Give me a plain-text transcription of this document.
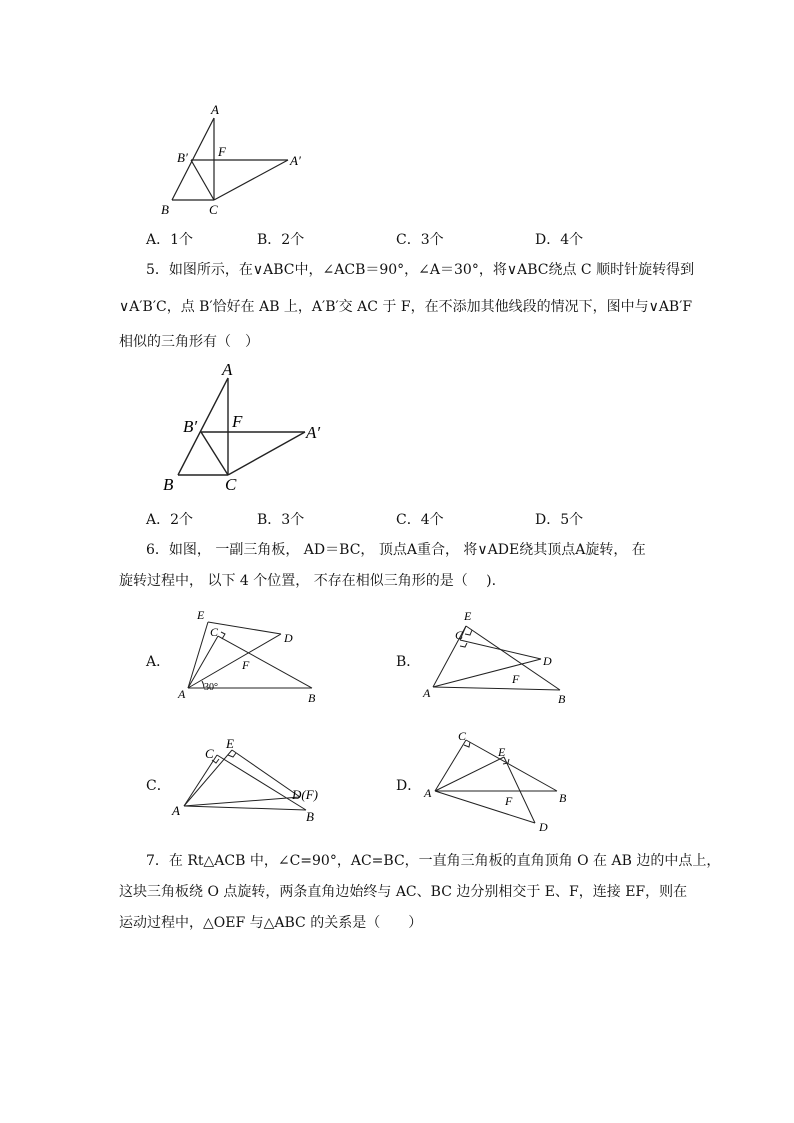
A
B′ F
A′
B	C
A．1个	B．2个	C．3个	D．4个
5．如图所示，在∨ABC中，∠ACB＝90°，∠A＝30°，将∨ABC绕点 C 顺时针旋转得到
∨A′B′C，点 B′恰好在 AB 上，A′B′交 AC 于 F，在不添加其他线段的情况下，图中与∨AB′F
相似的三角形有（　）
A
B′ F
A′
B	C
A．2个	B．3个	C．4个	D．5个
6．如图， 一副三角板， AD＝BC， 顶点A重合， 将∨ADE绕其顶点A旋转， 在
旋转过程中， 以下 4 个位置， 不存在相似三角形的是（　 ).
A．	B．
C．	D．
E
C	D
F
A	B
30°
E
C
D
F
A	B
C
E
D(F)
A	B
C
E
A	B
F
D
7．在 Rt△ACB 中，∠C=90°，AC=BC，一直角三角板的直角顶角 O 在 AB 边的中点上，
这块三角板绕 O 点旋转，两条直角边始终与 AC、BC 边分别相交于 E、F，连接 EF，则在
运动过程中，△OEF 与△ABC 的关系是（　　）
